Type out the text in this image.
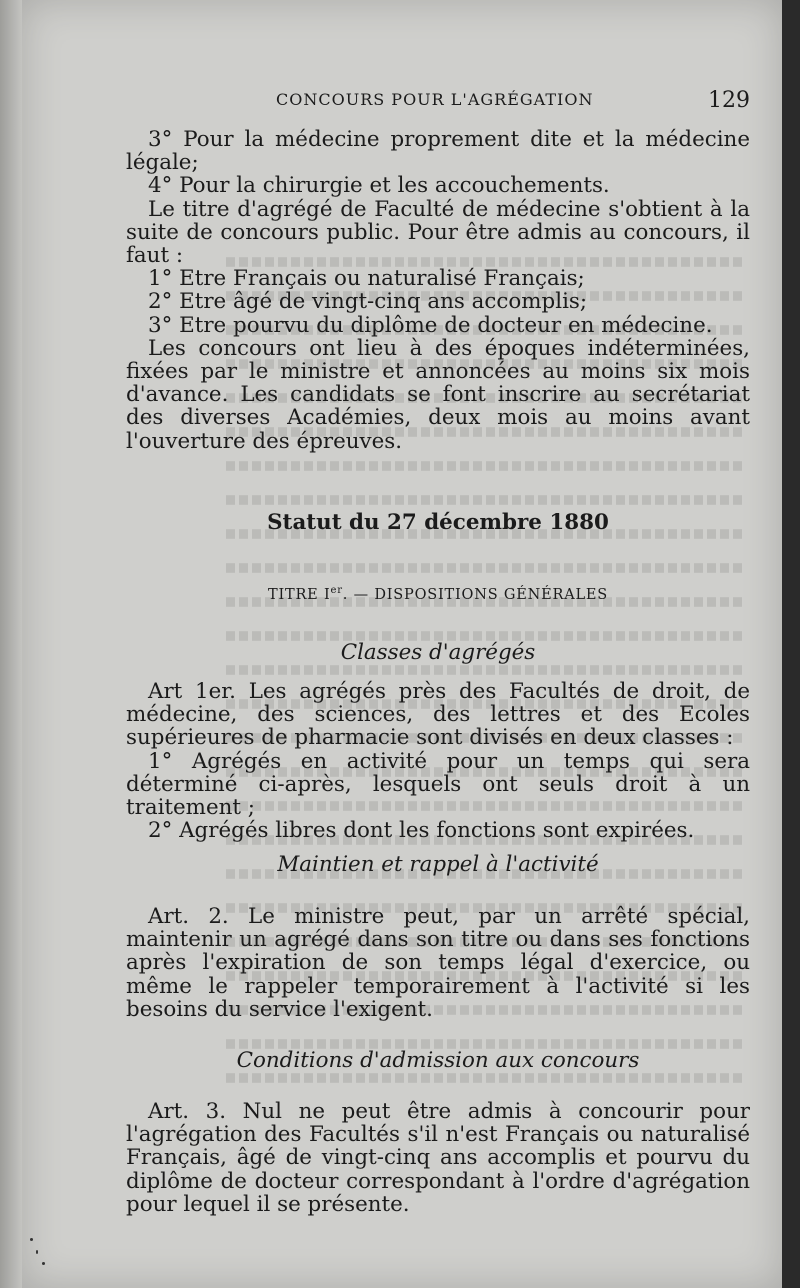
CONCOURS POUR L'AGRÉGATION	129

3° Pour la médecine proprement dite et la médecine légale;

4° Pour la chirurgie et les accouchements.

Le titre d'agrégé de Faculté de médecine s'obtient à la suite de concours public. Pour être admis au concours, il faut :

1° Etre Français ou naturalisé Français;

2° Etre âgé de vingt-cinq ans accomplis;

3° Etre pourvu du diplôme de docteur en médecine.

Les concours ont lieu à des époques indéterminées, fixées par le ministre et annoncées au moins six mois d'avance. Les candidats se font inscrire au secrétariat des diverses Académies, deux mois au moins avant l'ouverture des épreuves.

Statut du 27 décembre 1880
TITRE Ier. — DISPOSITIONS GÉNÉRALES
Classes d'agrégés

Art 1er. Les agrégés près des Facultés de droit, de médecine, des sciences, des lettres et des Ecoles supérieures de pharmacie sont divisés en deux classes :

1° Agrégés en activité pour un temps qui sera déterminé ci-après, lesquels ont seuls droit à un traitement ;

2° Agrégés libres dont les fonctions sont expirées.

Maintien et rappel à l'activité

Art. 2. Le ministre peut, par un arrêté spécial, maintenir un agrégé dans son titre ou dans ses fonctions après l'expiration de son temps légal d'exercice, ou même le rappeler temporairement à l'activité si les besoins du service l'exigent.

Conditions d'admission aux concours

Art. 3. Nul ne peut être admis à concourir pour l'agrégation des Facultés s'il n'est Français ou naturalisé Français, âgé de vingt-cinq ans accomplis et pourvu du diplôme de docteur correspondant à l'ordre d'agrégation pour lequel il se présente.
